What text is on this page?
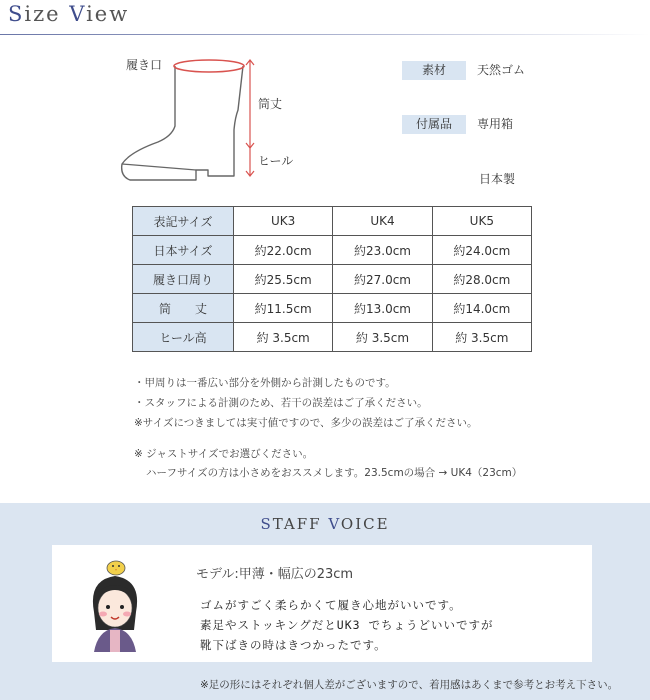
Size View
履き口
筒丈
ヒール
素材	天然ゴム
付属品	専用箱
日本製
表記サイズ	UK3	UK4	UK5
日本サイズ	約22.0cm	約23.0cm	約24.0cm
履き口周り	約25.5cm	約27.0cm	約28.0cm
筒　　丈	約11.5cm	約13.0cm	約14.0cm
ヒール高	約 3.5cm	約 3.5cm	約 3.5cm
・甲周りは一番広い部分を外側から計測したものです。
・スタッフによる計測のため、若干の誤差はご了承ください。
※サイズにつきましては実寸値ですので、多少の誤差はご了承ください。
※ ジャストサイズでお選びください。
ハーフサイズの方は小さめをおススメします。23.5cmの場合 → UK4（23cm）
STAFF VOICE
モデル:甲薄・幅広の23cm
ゴムがすごく柔らかくて履き心地がいいです。
素足やストッキングだとUK3 でちょうどいいですが
靴下ばきの時はきつかったです。
※足の形にはそれぞれ個人差がございますので、着用感はあくまで参考とお考え下さい。
